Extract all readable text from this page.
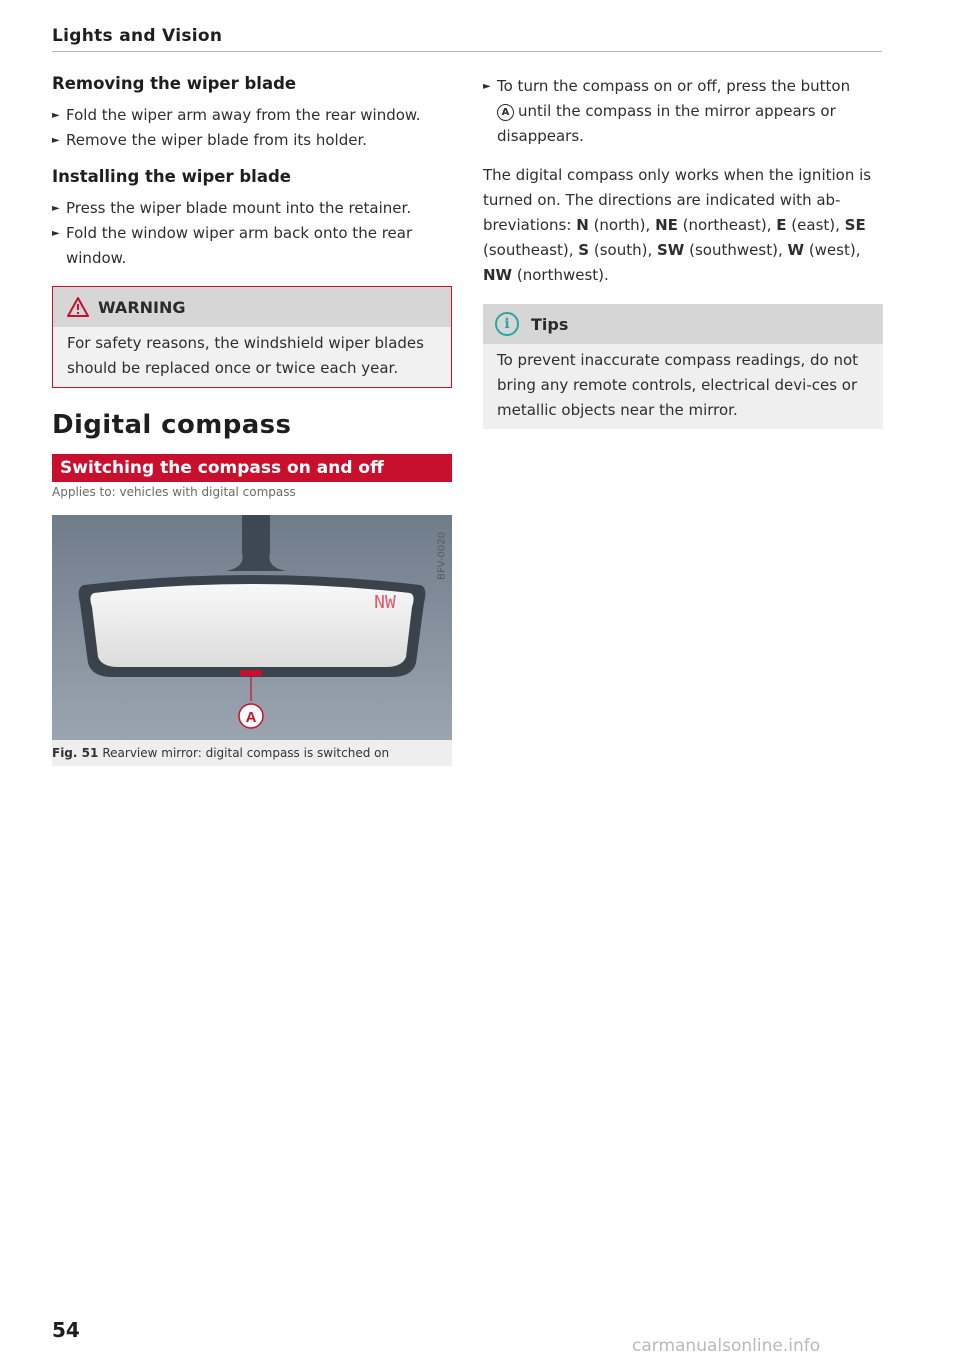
Lights and Vision
Removing the wiper blade
► Fold the wiper arm away from the rear window.
► Remove the wiper blade from its holder.
Installing the wiper blade
► Press the wiper blade mount into the retainer.
► Fold the window wiper arm back onto the rear window.
WARNING

For safety reasons, the windshield wiper blades should be replaced once or twice each year.

Digital compass
Switching the compass on and off
Applies to: vehicles with digital compass
A
NW
BFV-0020
Fig. 51 Rearview mirror: digital compass is switched on
► To turn the compass on or off, press the button
A until the compass in the mirror appears or disappears.

The digital compass only works when the ignition is turned on. The directions are indicated with ab-breviations: N (north), NE (northeast), E (east), SE (southeast), S (south), SW (southwest), W (west), NW (northwest).

i	Tips

To prevent inaccurate compass readings, do not bring any remote controls, electrical devi-ces or metallic objects near the mirror.

54
carmanualsonline.info
